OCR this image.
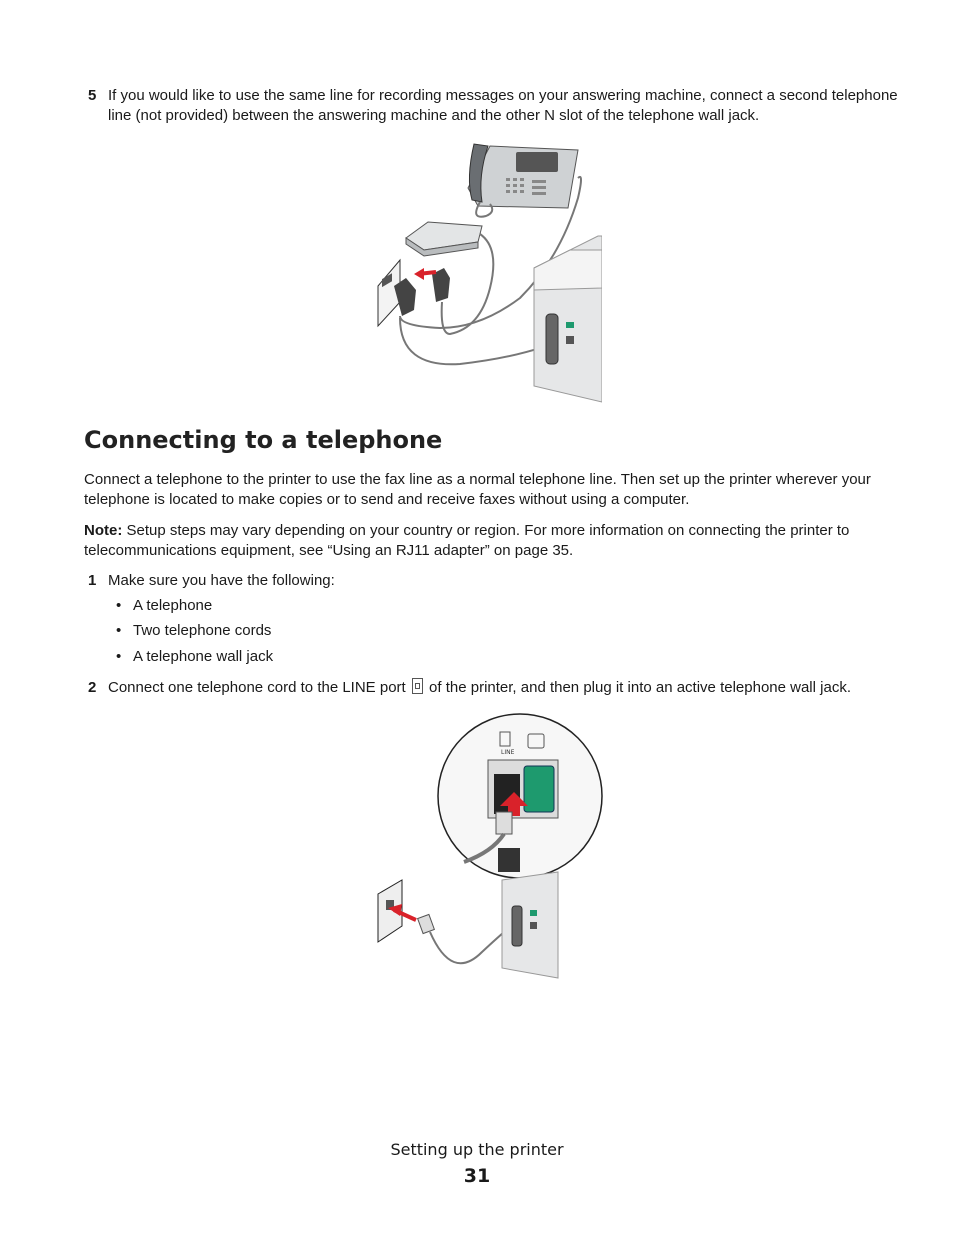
5 If you would like to use the same line for recording messages on your answering machine, connect a second telephone line (not provided) between the answering machine and the other N slot of the telephone wall jack.
Connecting to a telephone
Connect a telephone to the printer to use the fax line as a normal telephone line. Then set up the printer wherever your telephone is located to make copies or to send and receive faxes without using a computer.
Note: Setup steps may vary depending on your country or region. For more information on connecting the printer to telecommunications equipment, see “Using an RJ11 adapter” on page 35.
1 Make sure you have the following:
• A telephone
• Two telephone cords
• A telephone wall jack
2 Connect one telephone cord to the LINE port  of the printer, and then plug it into an active telephone wall jack.
LINE
Setting up the printer
31
